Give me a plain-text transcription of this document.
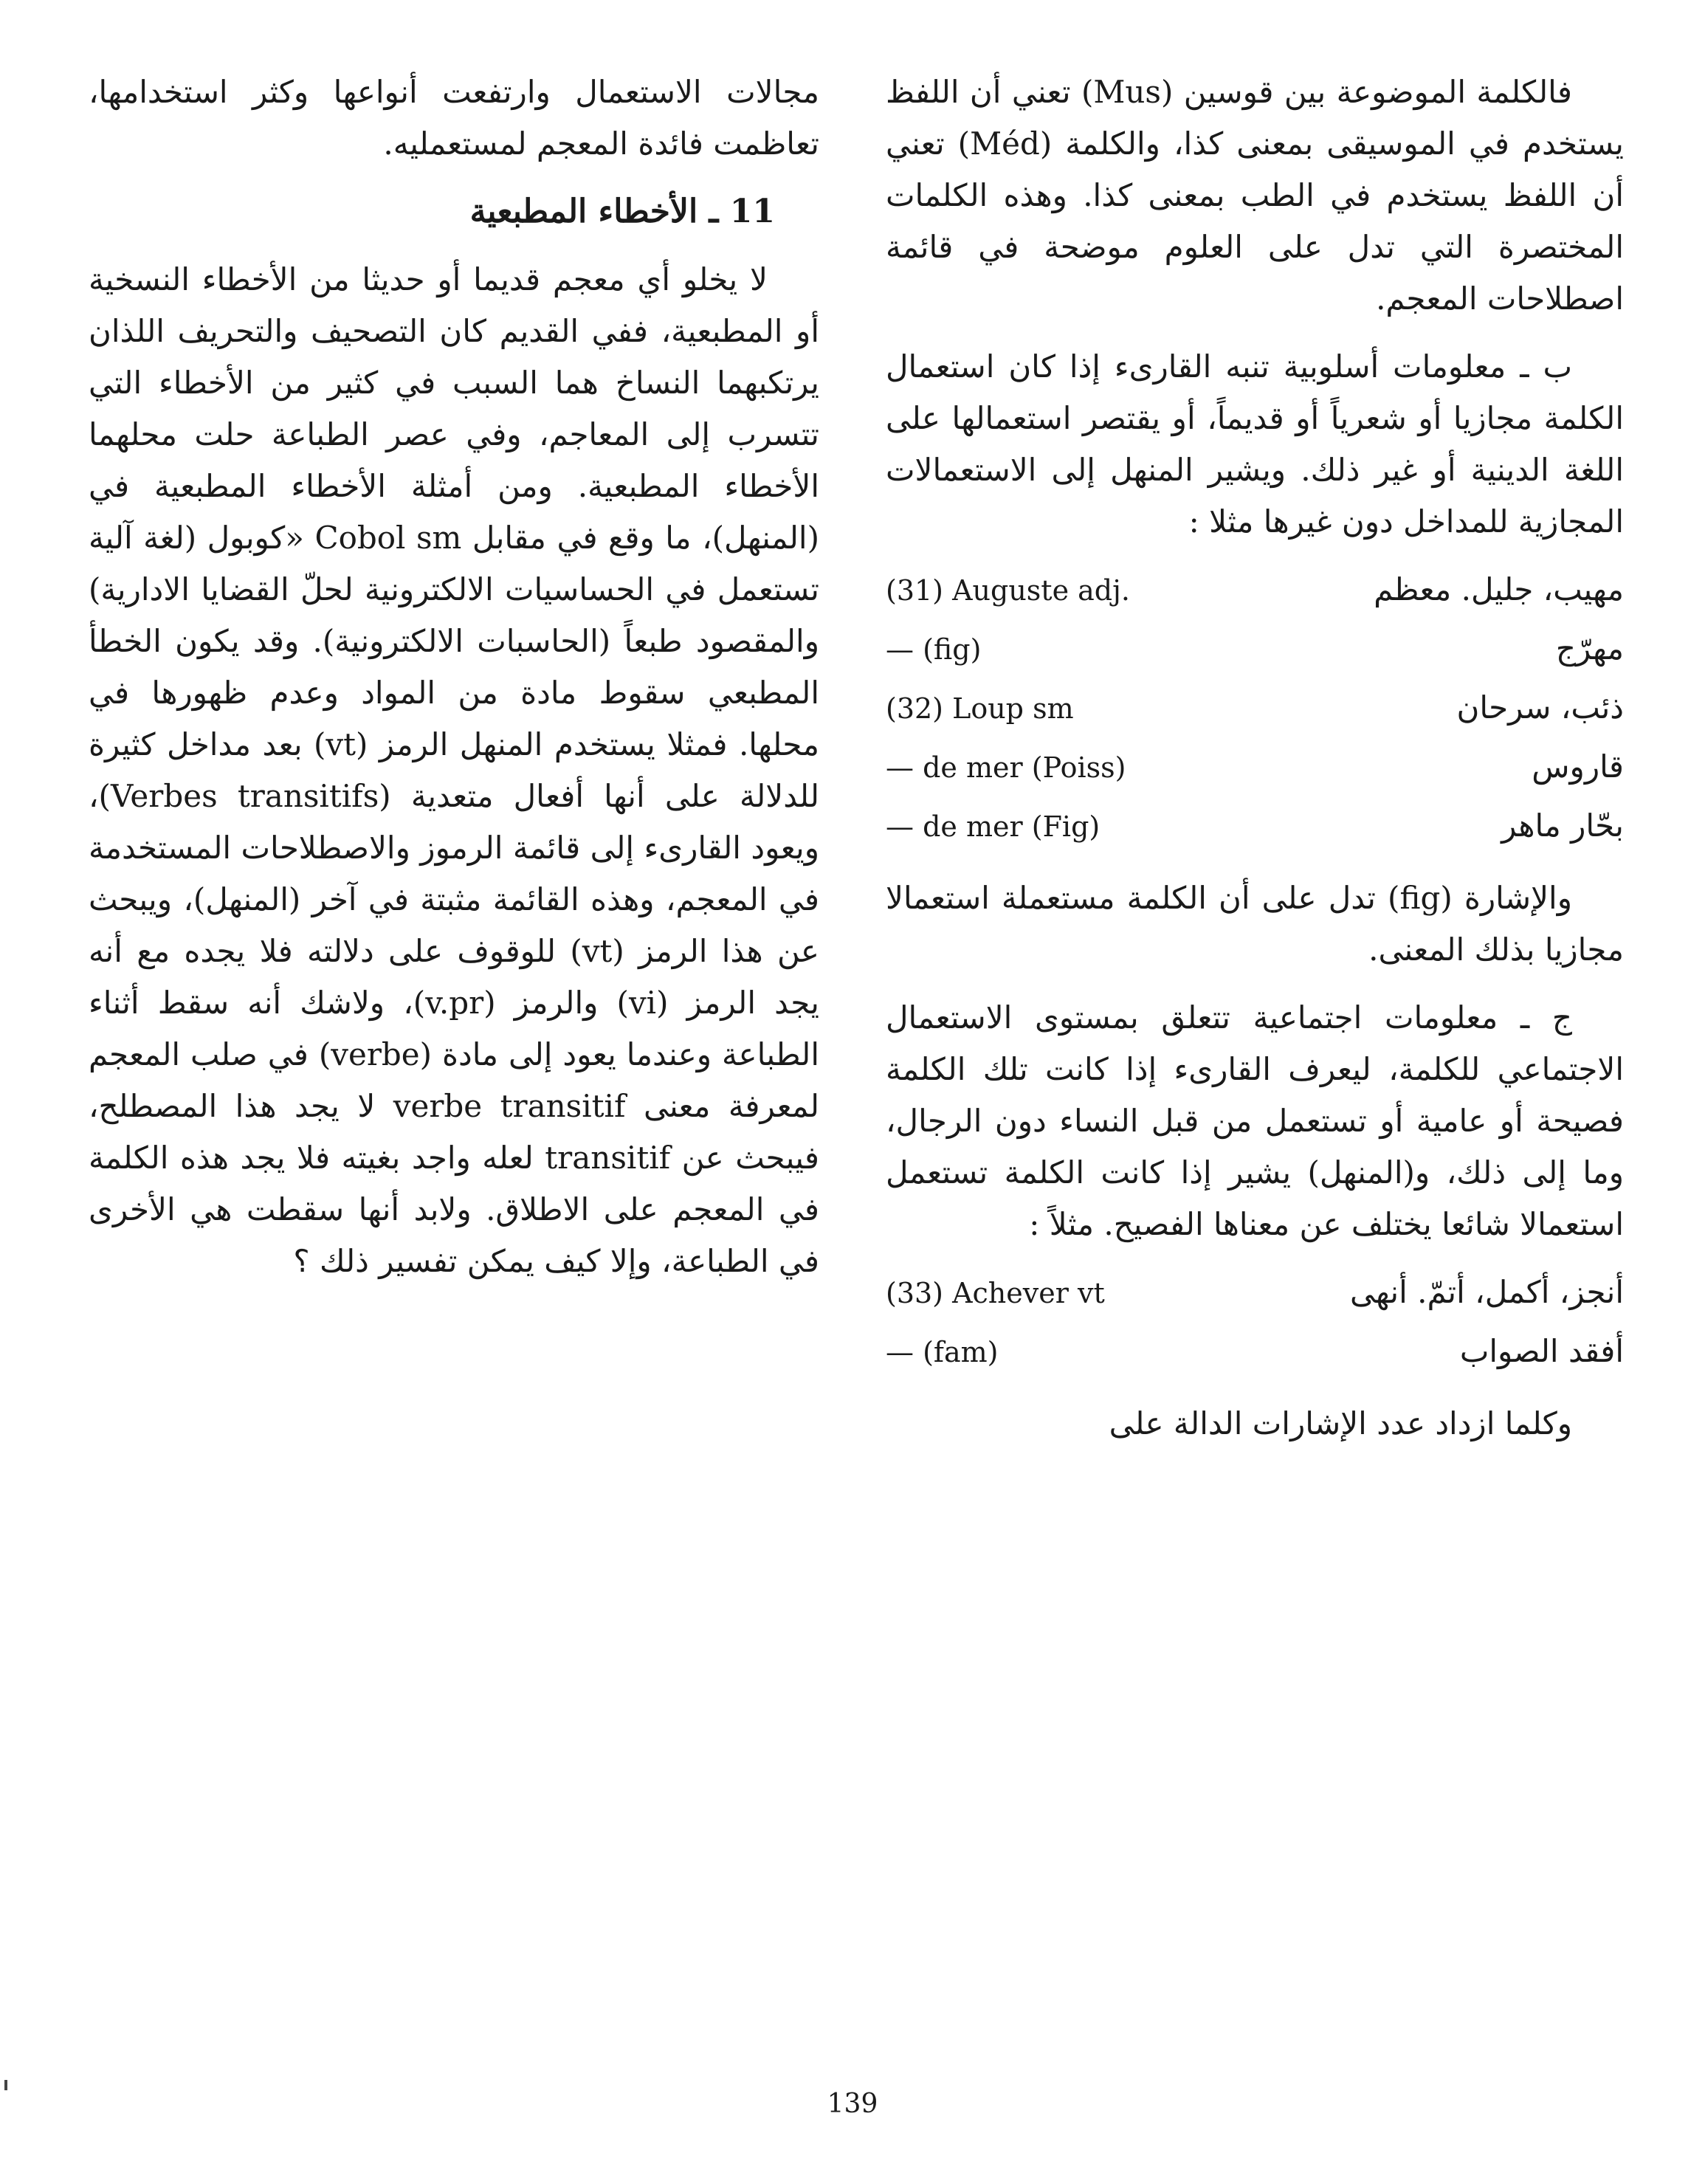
فالكلمة الموضوعة بين قوسين (Mus) تعني أن اللفظ يستخدم في الموسيقى بمعنى كذا، والكلمة (Méd) تعني أن اللفظ يستخدم في الطب بمعنى كذا. وهذه الكلمات المختصرة التي تدل على العلوم موضحة في قائمة اصطلاحات المعجم.

ب ـ معلومات أسلوبية تنبه القارىء إذا كان استعمال الكلمة مجازيا أو شعرياً أو قديماً، أو يقتصر استعمالها على اللغة الدينية أو غير ذلك. ويشير المنهل إلى الاستعمالات المجازية للمداخل دون غيرها مثلا :

مهيب، جليل. معظم
(31) Auguste adj.
مهرّج
— (fig)
ذئب، سرحان
(32) Loup sm
قاروس
— de mer (Poiss)
بحّار ماهر
— de mer (Fig)

والإشارة (fig) تدل على أن الكلمة مستعملة استعمالا مجازيا بذلك المعنى.

ج ـ معلومات اجتماعية تتعلق بمستوى الاستعمال الاجتماعي للكلمة، ليعرف القارىء إذا كانت تلك الكلمة فصيحة أو عامية أو تستعمل من قبل النساء دون الرجال، وما إلى ذلك، و(المنهل) يشير إذا كانت الكلمة تستعمل استعمالا شائعا يختلف عن معناها الفصيح. مثلاً :

أنجز، أكمل، أتمّ. أنهى
(33) Achever vt
أفقد الصواب
— (fam)

وكلما ازداد عدد الإشارات الدالة على

مجالات الاستعمال وارتفعت أنواعها وكثر استخدامها، تعاظمت فائدة المعجم لمستعمليه.

11 ـ الأخطاء المطبعية

لا يخلو أي معجم قديما أو حديثا من الأخطاء النسخية أو المطبعية، ففي القديم كان التصحيف والتحريف اللذان يرتكبهما النساخ هما السبب في كثير من الأخطاء التي تتسرب إلى المعاجم، وفي عصر الطباعة حلت محلهما الأخطاء المطبعية. ومن أمثلة الأخطاء المطبعية في (المنهل)، ما وقع في مقابل Cobol sm «كوبول (لغة آلية تستعمل في الحساسيات الالكترونية لحلّ القضايا الادارية) والمقصود طبعاً (الحاسبات الالكترونية). وقد يكون الخطأ المطبعي سقوط مادة من المواد وعدم ظهورها في محلها. فمثلا يستخدم المنهل الرمز (vt) بعد مداخل كثيرة للدلالة على أنها أفعال متعدية (Verbes transitifs)، ويعود القارىء إلى قائمة الرموز والاصطلاحات المستخدمة في المعجم، وهذه القائمة مثبتة في آخر (المنهل)، ويبحث عن هذا الرمز (vt) للوقوف على دلالته فلا يجده مع أنه يجد الرمز (vi) والرمز (v.pr)، ولاشك أنه سقط أثناء الطباعة وعندما يعود إلى مادة (verbe) في صلب المعجم لمعرفة معنى verbe transitif لا يجد هذا المصطلح، فيبحث عن transitif لعله واجد بغيته فلا يجد هذه الكلمة في المعجم على الاطلاق. ولابد أنها سقطت هي الأخرى في الطباعة، وإلا كيف يمكن تفسير ذلك ؟

139
